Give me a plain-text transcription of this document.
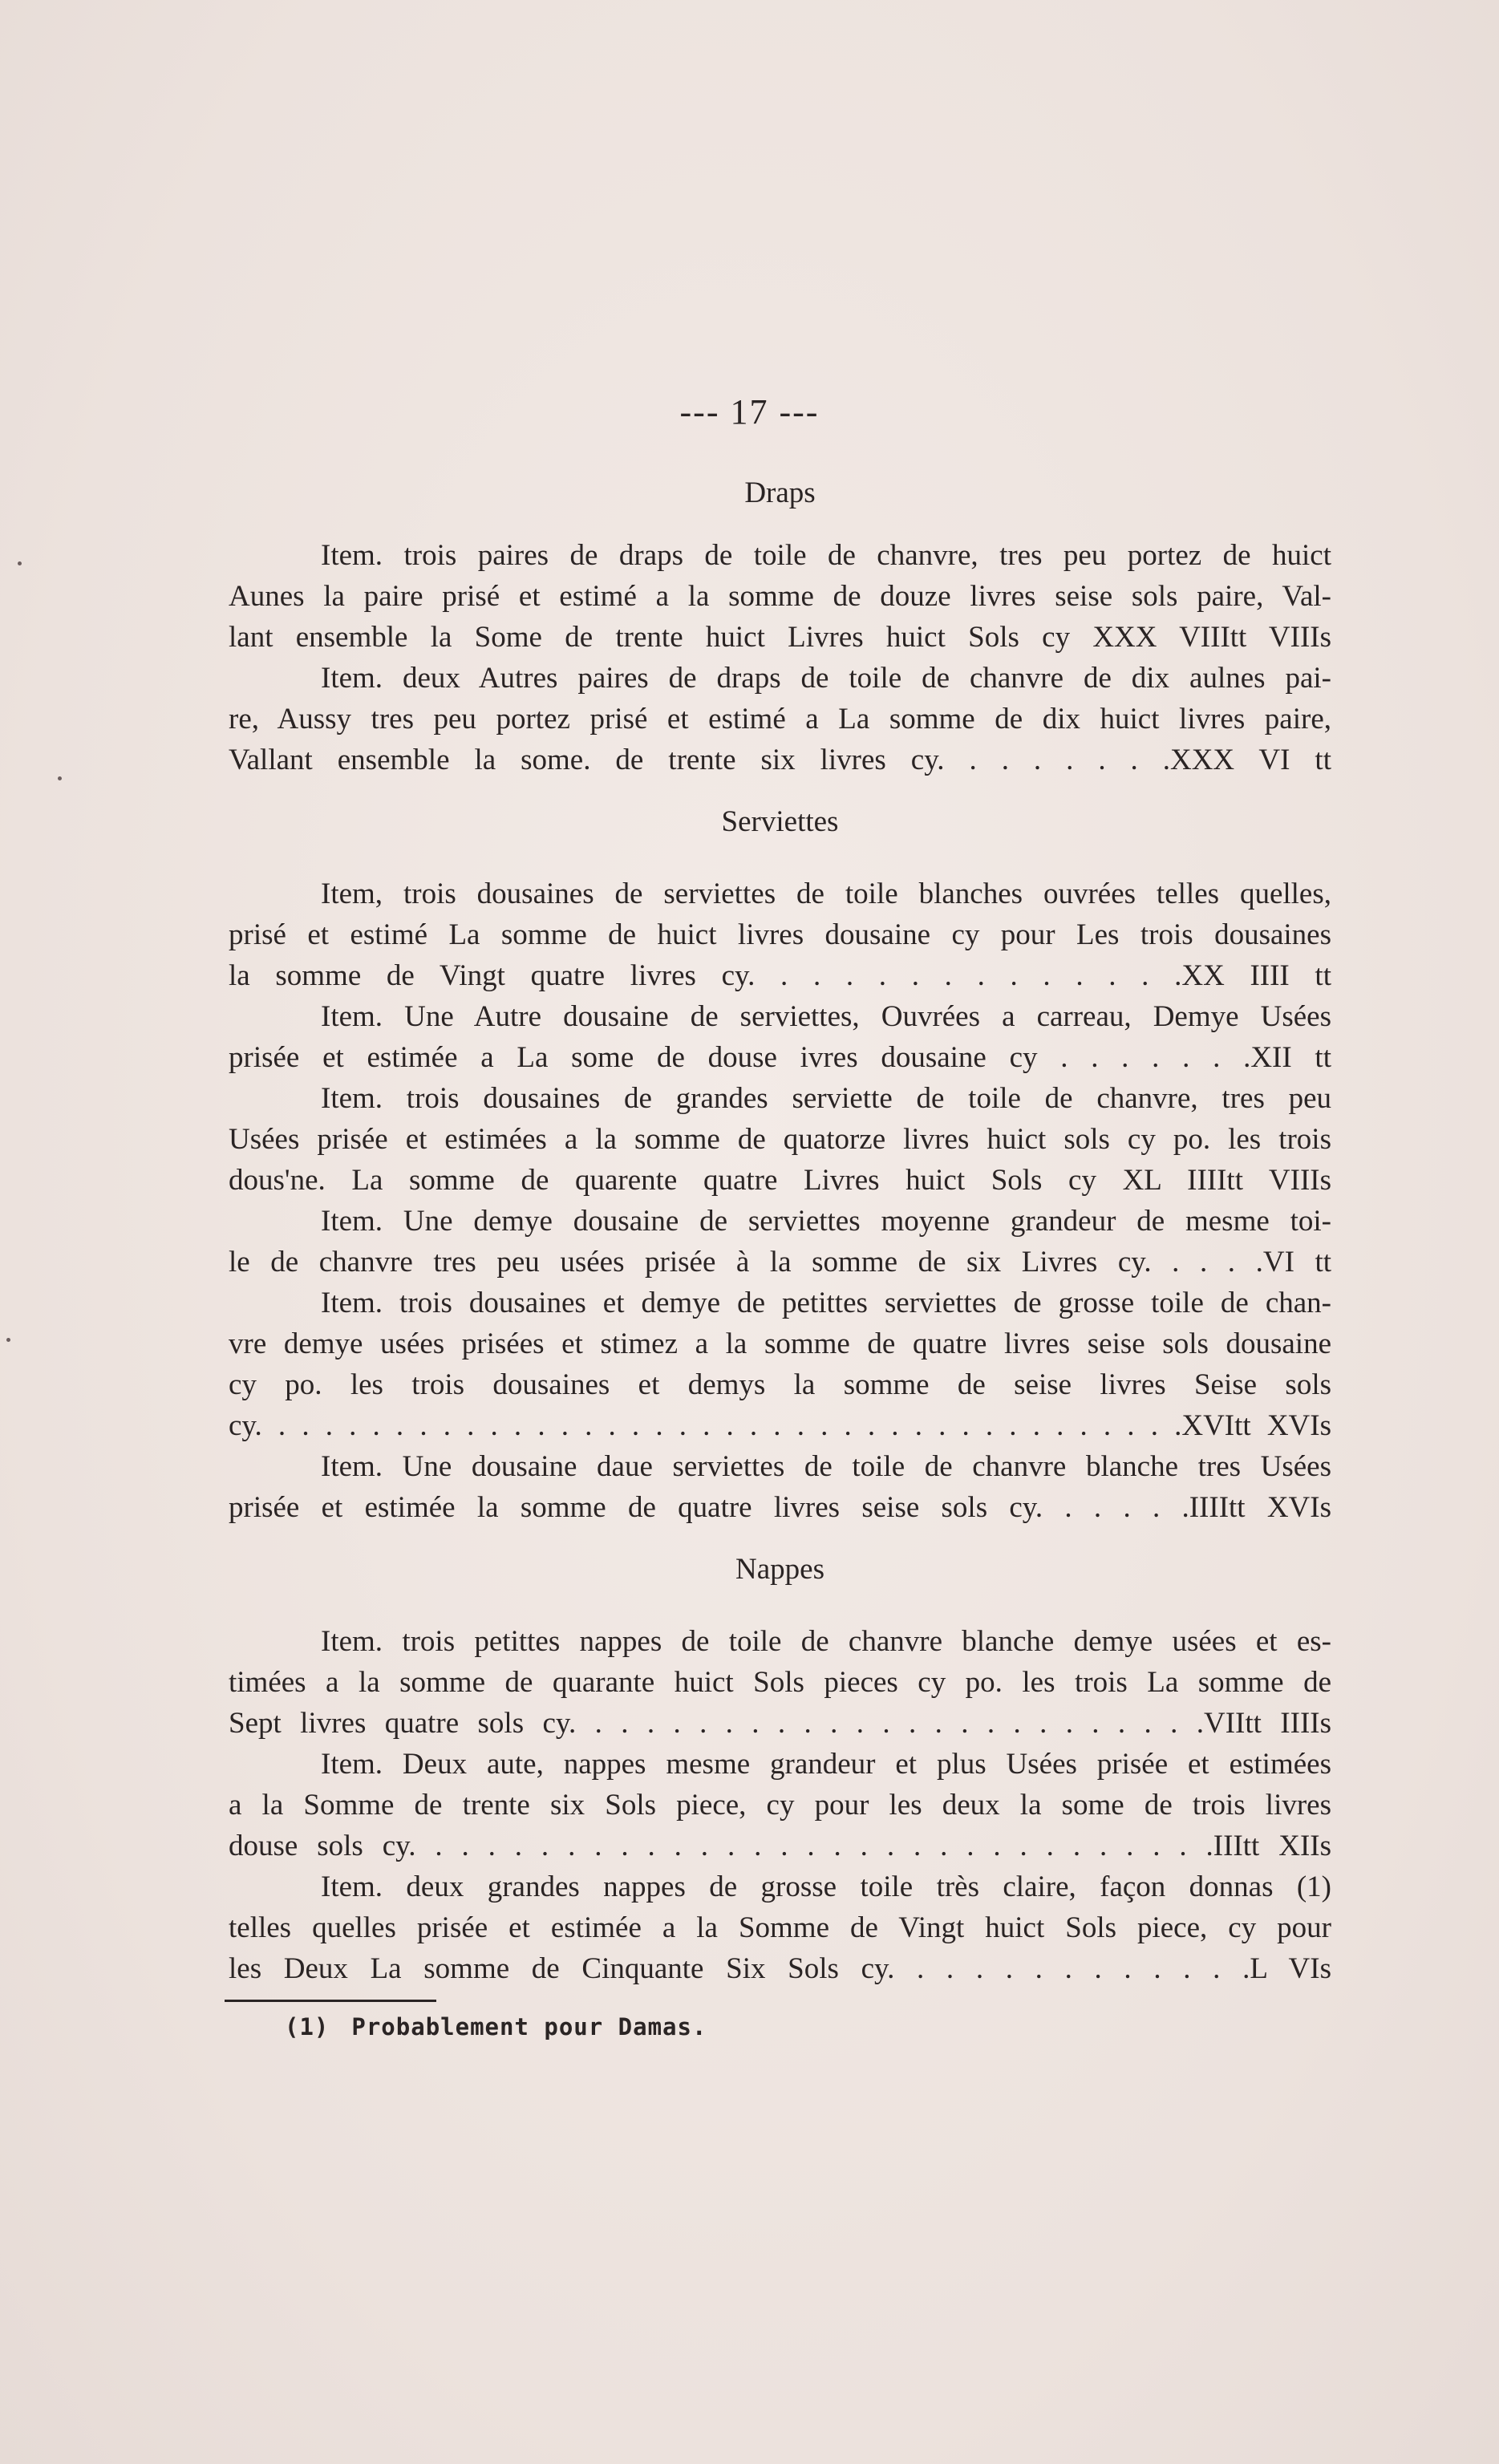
--- 17 ---
Draps
Item. trois paires de draps de toile de chanvre, tres peu portez de huict
Aunes la paire prisé et estimé a la somme de douze livres seise sols paire, Val-
lant ensemble la Some de trente huict Livres huict Sols cy XXX VIIItt VIIIs
Item. deux Autres paires de draps de toile de chanvre de dix aulnes pai-
re, Aussy tres peu portez prisé et estimé a La somme de dix huict livres paire,
Vallant ensemble la some. de trente six livres cy. . . . . . . .XXX VI tt
Serviettes
Item, trois dousaines de serviettes de toile blanches ouvrées telles quelles,
prisé et estimé La somme de huict livres dousaine cy pour Les trois dousaines
la somme de Vingt quatre livres cy. . . . . . . . . . . . . .XX IIII tt
Item. Une Autre dousaine de serviettes, Ouvrées a carreau, Demye Usées
prisée et estimée a La some de douse ivres dousaine cy . . . . . . .XII tt
Item. trois dousaines de grandes serviette de toile de chanvre, tres peu
Usées prisée et estimées a la somme de quatorze livres huict sols cy po. les trois
dous'ne. La somme de quarente quatre Livres huict Sols cy XL IIIItt VIIIs
Item. Une demye dousaine de serviettes moyenne grandeur de mesme toi-
le de chanvre tres peu usées prisée à la somme de six Livres cy. . . . .VI tt
Item. trois dousaines et demye de petittes serviettes de grosse toile de chan-
vre demye usées prisées et stimez a la somme de quatre livres seise sols dousaine
cy po. les trois dousaines et demys la somme de seise livres Seise sols
cy. . . . . . . . . . . . . . . . . . . . . . . . . . . . . . . . . . . . . . . .XVItt XVIs
Item. Une dousaine daue serviettes de toile de chanvre blanche tres Usées
prisée et estimée la somme de quatre livres seise sols cy. . . . . .IIIItt XVIs
Nappes
Item. trois petittes nappes de toile de chanvre blanche demye usées et es-
timées a la somme de quarante huict Sols pieces cy po. les trois La somme de
Sept livres quatre sols cy. . . . . . . . . . . . . . . . . . . . . . . . .VIItt IIIIs
Item. Deux aute, nappes mesme grandeur et plus Usées prisée et estimées
a la Somme de trente six Sols piece, cy pour les deux la some de trois livres
douse sols cy. . . . . . . . . . . . . . . . . . . . . . . . . . . . . . .IIItt XIIs
Item. deux grandes nappes de grosse toile très claire, façon donnas (1)
telles quelles prisée et estimée a la Somme de Vingt huict Sols piece, cy pour
les Deux La somme de Cinquante Six Sols cy. . . . . . . . . . . . .L VIs
(1) Probablement pour Damas.
